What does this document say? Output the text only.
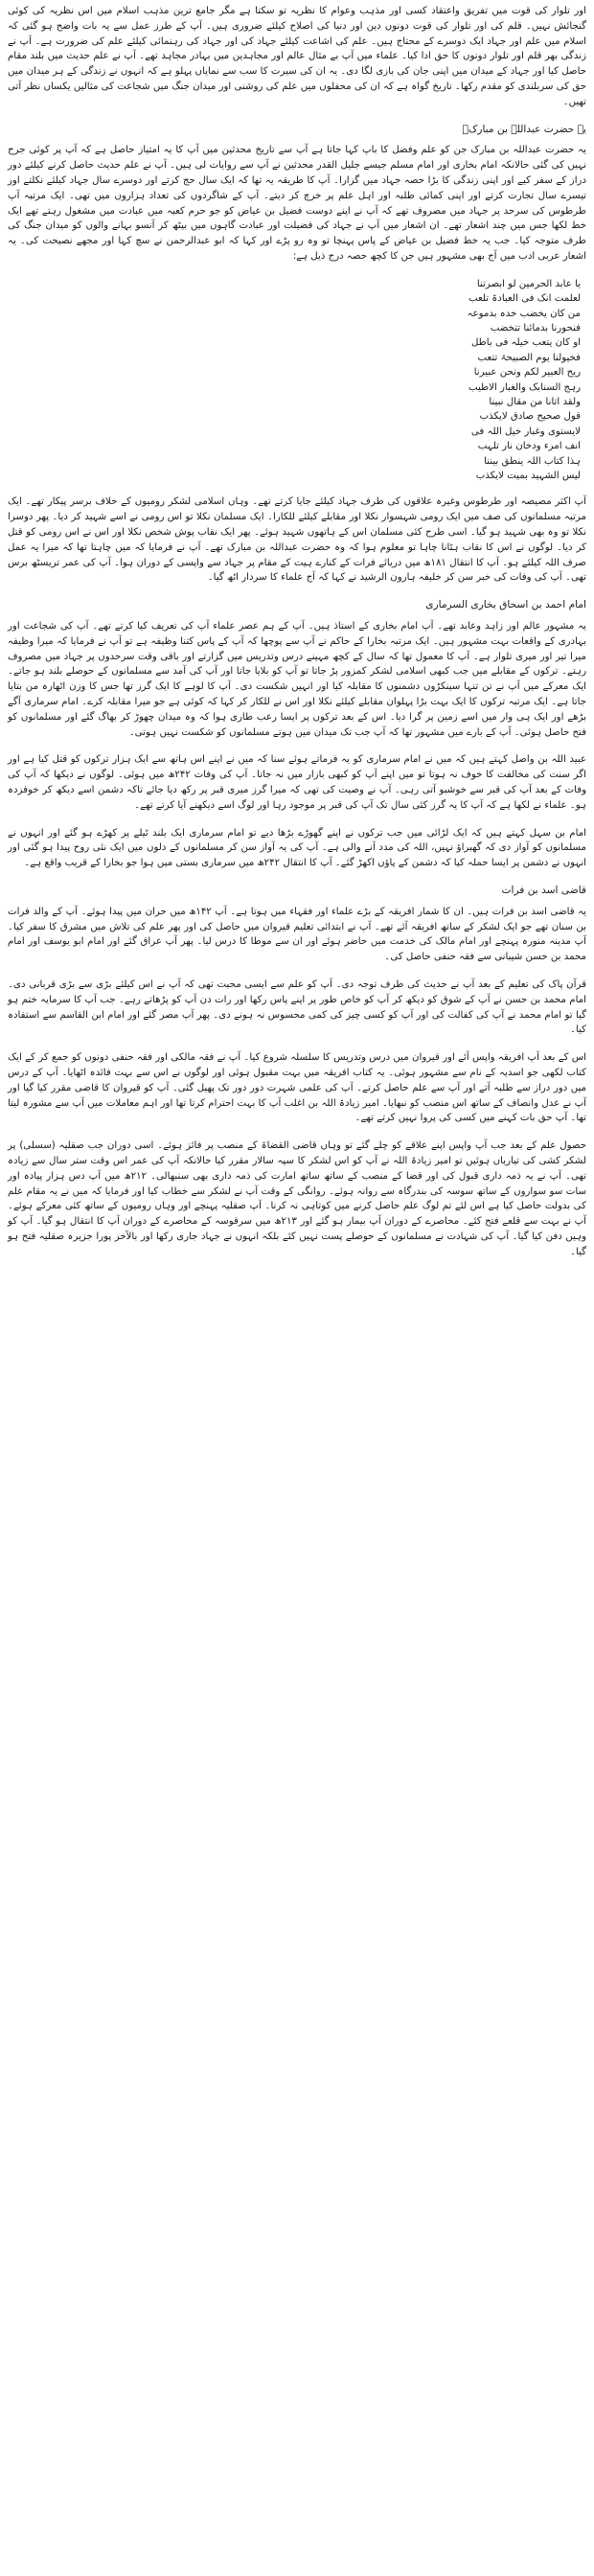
اور تلوار کی قوت میں تفریق واعتقاد کسی اور مذہب وعوام کا نظریہ تو سکتا ہے مگر جامع ترین مذہب اسلام میں اس نظریہ کی کوئی گنجائش نہیں۔ قلم کی اور تلوار کی قوت دونوں دین اور دنیا کی اصلاح کیلئے ضروری ہیں۔ آپ کے طرز عمل سے یہ بات واضح ہو گئی کہ اسلام میں علم اور جہاد ایک دوسرے کے محتاج ہیں۔ علم کی اشاعت کیلئے جہاد کی اور جہاد کی رہنمائی کیلئے علم کی ضرورت ہے۔ آپ نے زندگی بھر قلم اور تلوار دونوں کا حق ادا کیا۔ علماء میں آپ بے مثال عالم اور مجاہدین میں بہادر مجاہد تھے۔ آپ نے علم حدیث میں بلند مقام حاصل کیا اور جہاد کے میدان میں اپنی جان کی بازی لگا دی۔ یہ ان کی سیرت کا سب سے نمایاں پہلو ہے کہ انہوں نے زندگی کے ہر میدان میں حق کی سربلندی کو مقدم رکھا۔ تاریخ گواہ ہے کہ ان کی محفلوں میں علم کی روشنی اور میدان جنگ میں شجاعت کی مثالیں یکساں نظر آتی تھیں۔

یہ حضرت عبداللہ بن مبارکؒ

یہ حضرت عبداللہ بن مبارک جن کو علم وفضل کا باپ کہا جاتا ہے آپ سے تاریخ محدثین میں آپ کا یہ امتیاز حاصل ہے کہ آپ پر کوئی جرح نہیں کی گئی حالانکہ امام بخاری اور امام مسلم جیسے جلیل القدر محدثین نے آپ سے روایات لی ہیں۔ آپ نے علم حدیث حاصل کرنے کیلئے دور دراز کے سفر کیے اور اپنی زندگی کا بڑا حصہ جہاد میں گزارا۔ آپ کا طریقہ یہ تھا کہ ایک سال حج کرتے اور دوسرے سال جہاد کیلئے نکلتے اور تیسرے سال تجارت کرتے اور اپنی کمائی طلبہ اور اہل علم پر خرچ کر دیتے۔ آپ کے شاگردوں کی تعداد ہزاروں میں تھی۔ ایک مرتبہ آپ طرطوس کی سرحد پر جہاد میں مصروف تھے کہ آپ نے اپنے دوست فضیل بن عیاض کو جو حرم کعبہ میں عبادت میں مشغول رہتے تھے ایک خط لکھا جس میں چند اشعار تھے۔ ان اشعار میں آپ نے جہاد کی فضیلت اور عبادت گاہوں میں بیٹھ کر آنسو بہانے والوں کو میدان جنگ کی طرف متوجہ کیا۔ جب یہ خط فضیل بن عیاض کے پاس پہنچا تو وہ رو پڑے اور کہا کہ ابو عبدالرحمن نے سچ کہا اور مجھے نصیحت کی۔ یہ اشعار عربی ادب میں آج بھی مشہور ہیں جن کا کچھ حصہ درج ذیل ہے:

یا عابد الحرمین لو ابصرتنا
لعلمت انک فی العبادۃ تلعب
من کان یخضب خدہ بدموعہ
فنحورنا بدمائنا تتخضب
او کان یتعب خیلہ فی باطل
فخیولنا یوم الصبیحۃ تتعب
ریح العبیر لکم ونحن عبیرنا
رہج السنابک والغبار الاطیب
ولقد اتانا من مقال نبینا
قول صحیح صادق لایکذب
لایستوی وغبار خیل اللہ فی
انف امرء ودخان نار تلہب
ہذا کتاب اللہ ینطق بیننا
لیس الشہید بمیت لایکذب

آپ اکثر مصیصہ اور طرطوس وغیرہ علاقوں کی طرف جہاد کیلئے جایا کرتے تھے۔ وہاں اسلامی لشکر رومیوں کے خلاف برسر پیکار تھے۔ ایک مرتبہ مسلمانوں کی صف میں ایک رومی شہسوار نکلا اور مقابلے کیلئے للکارا۔ ایک مسلمان نکلا تو اس رومی نے اسے شہید کر دیا۔ پھر دوسرا نکلا تو وہ بھی شہید ہو گیا۔ اسی طرح کئی مسلمان اس کے ہاتھوں شہید ہوئے۔ پھر ایک نقاب پوش شخص نکلا اور اس نے اس رومی کو قتل کر دیا۔ لوگوں نے اس کا نقاب ہٹانا چاہا تو معلوم ہوا کہ وہ حضرت عبداللہ بن مبارک تھے۔ آپ نے فرمایا کہ میں چاہتا تھا کہ میرا یہ عمل صرف اللہ کیلئے ہو۔ آپ کا انتقال ۱۸۱ھ میں دریائے فرات کے کنارے ہیت کے مقام پر جہاد سے واپسی کے دوران ہوا۔ آپ کی عمر تریسٹھ برس تھی۔ آپ کی وفات کی خبر سن کر خلیفہ ہارون الرشید نے کہا کہ آج علماء کا سردار اٹھ گیا۔

امام احمد بن اسحاق بخاری السرماری

یہ مشہور عالم اور زاہد وعابد تھے۔ آپ امام بخاری کے استاذ ہیں۔ آپ کے ہم عصر علماء آپ کی تعریف کیا کرتے تھے۔ آپ کی شجاعت اور بہادری کے واقعات بہت مشہور ہیں۔ ایک مرتبہ بخارا کے حاکم نے آپ سے پوچھا کہ آپ کے پاس کتنا وظیفہ ہے تو آپ نے فرمایا کہ میرا وظیفہ میرا تیر اور میری تلوار ہے۔ آپ کا معمول تھا کہ سال کے کچھ مہینے درس وتدریس میں گزارتے اور باقی وقت سرحدوں پر جہاد میں مصروف رہتے۔ ترکوں کے مقابلے میں جب کبھی اسلامی لشکر کمزور پڑ جاتا تو آپ کو بلایا جاتا اور آپ کی آمد سے مسلمانوں کے حوصلے بلند ہو جاتے۔ ایک معرکے میں آپ نے تن تنہا سینکڑوں دشمنوں کا مقابلہ کیا اور انہیں شکست دی۔ آپ کا لوہے کا ایک گرز تھا جس کا وزن اٹھارہ من بتایا جاتا ہے۔ ایک مرتبہ ترکوں کا ایک بہت بڑا پہلوان مقابلے کیلئے نکلا اور اس نے للکار کر کہا کہ کوئی ہے جو میرا مقابلہ کرے۔ امام سرماری آگے بڑھے اور ایک ہی وار میں اسے زمین پر گرا دیا۔ اس کے بعد ترکوں پر ایسا رعب طاری ہوا کہ وہ میدان چھوڑ کر بھاگ گئے اور مسلمانوں کو فتح حاصل ہوئی۔ آپ کے بارے میں مشہور تھا کہ آپ جب تک میدان میں ہوتے مسلمانوں کو شکست نہیں ہوتی۔

عبید اللہ بن واصل کہتے ہیں کہ میں نے امام سرماری کو یہ فرماتے ہوئے سنا کہ میں نے اپنے اس ہاتھ سے ایک ہزار ترکوں کو قتل کیا ہے اور اگر سنت کی مخالفت کا خوف نہ ہوتا تو میں اپنے آپ کو کبھی بازار میں نہ جاتا۔ آپ کی وفات ۲۴۲ھ میں ہوئی۔ لوگوں نے دیکھا کہ آپ کی وفات کے بعد آپ کی قبر سے خوشبو آتی رہی۔ آپ نے وصیت کی تھی کہ میرا گرز میری قبر پر رکھ دیا جائے تاکہ دشمن اسے دیکھ کر خوفزدہ ہو۔ علماء نے لکھا ہے کہ آپ کا یہ گرز کئی سال تک آپ کی قبر پر موجود رہا اور لوگ اسے دیکھنے آیا کرتے تھے۔

امام بن سہل کہتے ہیں کہ ایک لڑائی میں جب ترکوں نے اپنے گھوڑے بڑھا دیے تو امام سرماری ایک بلند ٹیلے پر کھڑے ہو گئے اور انہوں نے مسلمانوں کو آواز دی کہ گھبراؤ نہیں، اللہ کی مدد آنے والی ہے۔ آپ کی یہ آواز سن کر مسلمانوں کے دلوں میں ایک نئی روح پیدا ہو گئی اور انہوں نے دشمن پر ایسا حملہ کیا کہ دشمن کے پاؤں اکھڑ گئے۔ آپ کا انتقال ۲۴۲ھ میں سرماری بستی میں ہوا جو بخارا کے قریب واقع ہے۔

قاضی اسد بن فرات

یہ قاضی اسد بن فرات ہیں۔ ان کا شمار افریقہ کے بڑے علماء اور فقہاء میں ہوتا ہے۔ آپ ۱۴۲ھ میں حران میں پیدا ہوئے۔ آپ کے والد فرات بن سنان تھے جو ایک لشکر کے ساتھ افریقہ آئے تھے۔ آپ نے ابتدائی تعلیم قیروان میں حاصل کی اور پھر علم کی تلاش میں مشرق کا سفر کیا۔ آپ مدینہ منورہ پہنچے اور امام مالک کی خدمت میں حاضر ہوئے اور ان سے موطا کا درس لیا۔ پھر آپ عراق گئے اور امام ابو یوسف اور امام محمد بن حسن شیبانی سے فقہ حنفی حاصل کی۔

قرآن پاک کی تعلیم کے بعد آپ نے حدیث کی طرف توجہ دی۔ آپ کو علم سے ایسی محبت تھی کہ آپ نے اس کیلئے بڑی سے بڑی قربانی دی۔ امام محمد بن حسن نے آپ کے شوق کو دیکھ کر آپ کو خاص طور پر اپنے پاس رکھا اور رات دن آپ کو پڑھاتے رہے۔ جب آپ کا سرمایہ ختم ہو گیا تو امام محمد نے آپ کی کفالت کی اور آپ کو کسی چیز کی کمی محسوس نہ ہونے دی۔ پھر آپ مصر گئے اور امام ابن القاسم سے استفادہ کیا۔

اس کے بعد آپ افریقہ واپس آئے اور قیروان میں درس وتدریس کا سلسلہ شروع کیا۔ آپ نے فقہ مالکی اور فقہ حنفی دونوں کو جمع کر کے ایک کتاب لکھی جو اسدیہ کے نام سے مشہور ہوئی۔ یہ کتاب افریقہ میں بہت مقبول ہوئی اور لوگوں نے اس سے بہت فائدہ اٹھایا۔ آپ کے درس میں دور دراز سے طلبہ آتے اور آپ سے علم حاصل کرتے۔ آپ کی علمی شہرت دور دور تک پھیل گئی۔ آپ کو قیروان کا قاضی مقرر کیا گیا اور آپ نے عدل وانصاف کے ساتھ اس منصب کو نبھایا۔ امیر زیادۃ اللہ بن اغلب آپ کا بہت احترام کرتا تھا اور اہم معاملات میں آپ سے مشورہ لیتا تھا۔ آپ حق بات کہنے میں کسی کی پروا نہیں کرتے تھے۔

حصول علم کے بعد جب آپ واپس اپنے علاقے کو چلے گئے تو وہاں قاضی القضاۃ کے منصب پر فائز ہوئے۔ اسی دوران جب صقلیہ (سسلی) پر لشکر کشی کی تیاریاں ہوئیں تو امیر زیادۃ اللہ نے آپ کو اس لشکر کا سپہ سالار مقرر کیا حالانکہ آپ کی عمر اس وقت ستر سال سے زیادہ تھی۔ آپ نے یہ ذمہ داری قبول کی اور قضا کے منصب کے ساتھ ساتھ امارت کی ذمہ داری بھی سنبھالی۔ ۲۱۲ھ میں آپ دس ہزار پیادہ اور سات سو سواروں کے ساتھ سوسہ کی بندرگاہ سے روانہ ہوئے۔ روانگی کے وقت آپ نے لشکر سے خطاب کیا اور فرمایا کہ میں نے یہ مقام علم کی بدولت حاصل کیا ہے اس لئے تم لوگ علم حاصل کرنے میں کوتاہی نہ کرنا۔ آپ صقلیہ پہنچے اور وہاں رومیوں کے ساتھ کئی معرکے ہوئے۔ آپ نے بہت سے قلعے فتح کئے۔ محاصرے کے دوران آپ بیمار ہو گئے اور ۲۱۳ھ میں سرقوسہ کے محاصرے کے دوران آپ کا انتقال ہو گیا۔ آپ کو وہیں دفن کیا گیا۔ آپ کی شہادت نے مسلمانوں کے حوصلے پست نہیں کئے بلکہ انہوں نے جہاد جاری رکھا اور بالآخر پورا جزیرہ صقلیہ فتح ہو گیا۔
